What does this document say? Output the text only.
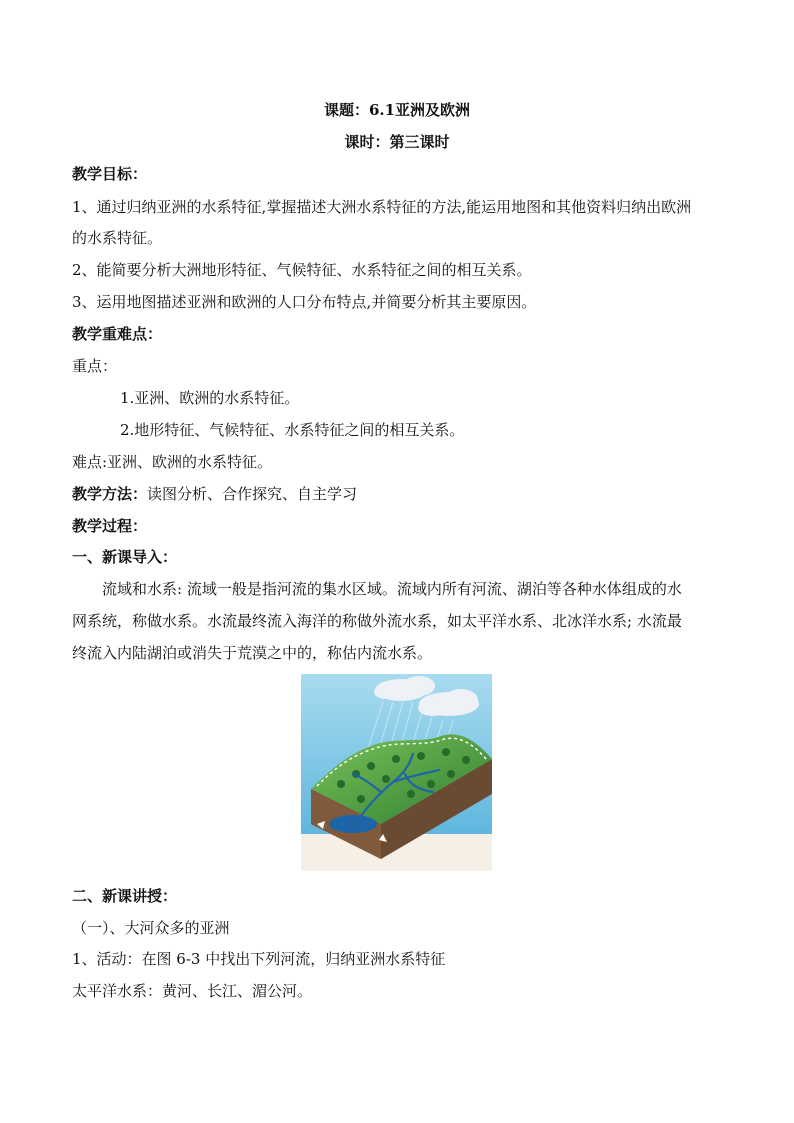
课题：6.1亚洲及欧洲
课时：第三课时
教学目标：
1、通过归纳亚洲的水系特征,掌握描述大洲水系特征的方法,能运用地图和其他资料归纳出欧洲
的水系特征。
2、能简要分析大洲地形特征、气候特征、水系特征之间的相互关系。
3、运用地图描述亚洲和欧洲的人口分布特点,并简要分析其主要原因。
教学重难点：
重点：
1.亚洲、欧洲的水系特征。
2.地形特征、气候特征、水系特征之间的相互关系。
难点:亚洲、欧洲的水系特征。
教学方法：读图分析、合作探究、自主学习
教学过程：
一、新课导入：
流域和水系: 流域一般是指河流的集水区域。流域内所有河流、湖泊等各种水体组成的水
网系统，称做水系。水流最终流入海洋的称做外流水系，如太平洋水系、北冰洋水系; 水流最
终流入内陆湖泊或消失于荒漠之中的，称估内流水系。
二、新课讲授：
（一）、大河众多的亚洲
1、活动：在图 6-3 中找出下列河流，归纳亚洲水系特征
太平洋水系：黄河、长江、湄公河。
